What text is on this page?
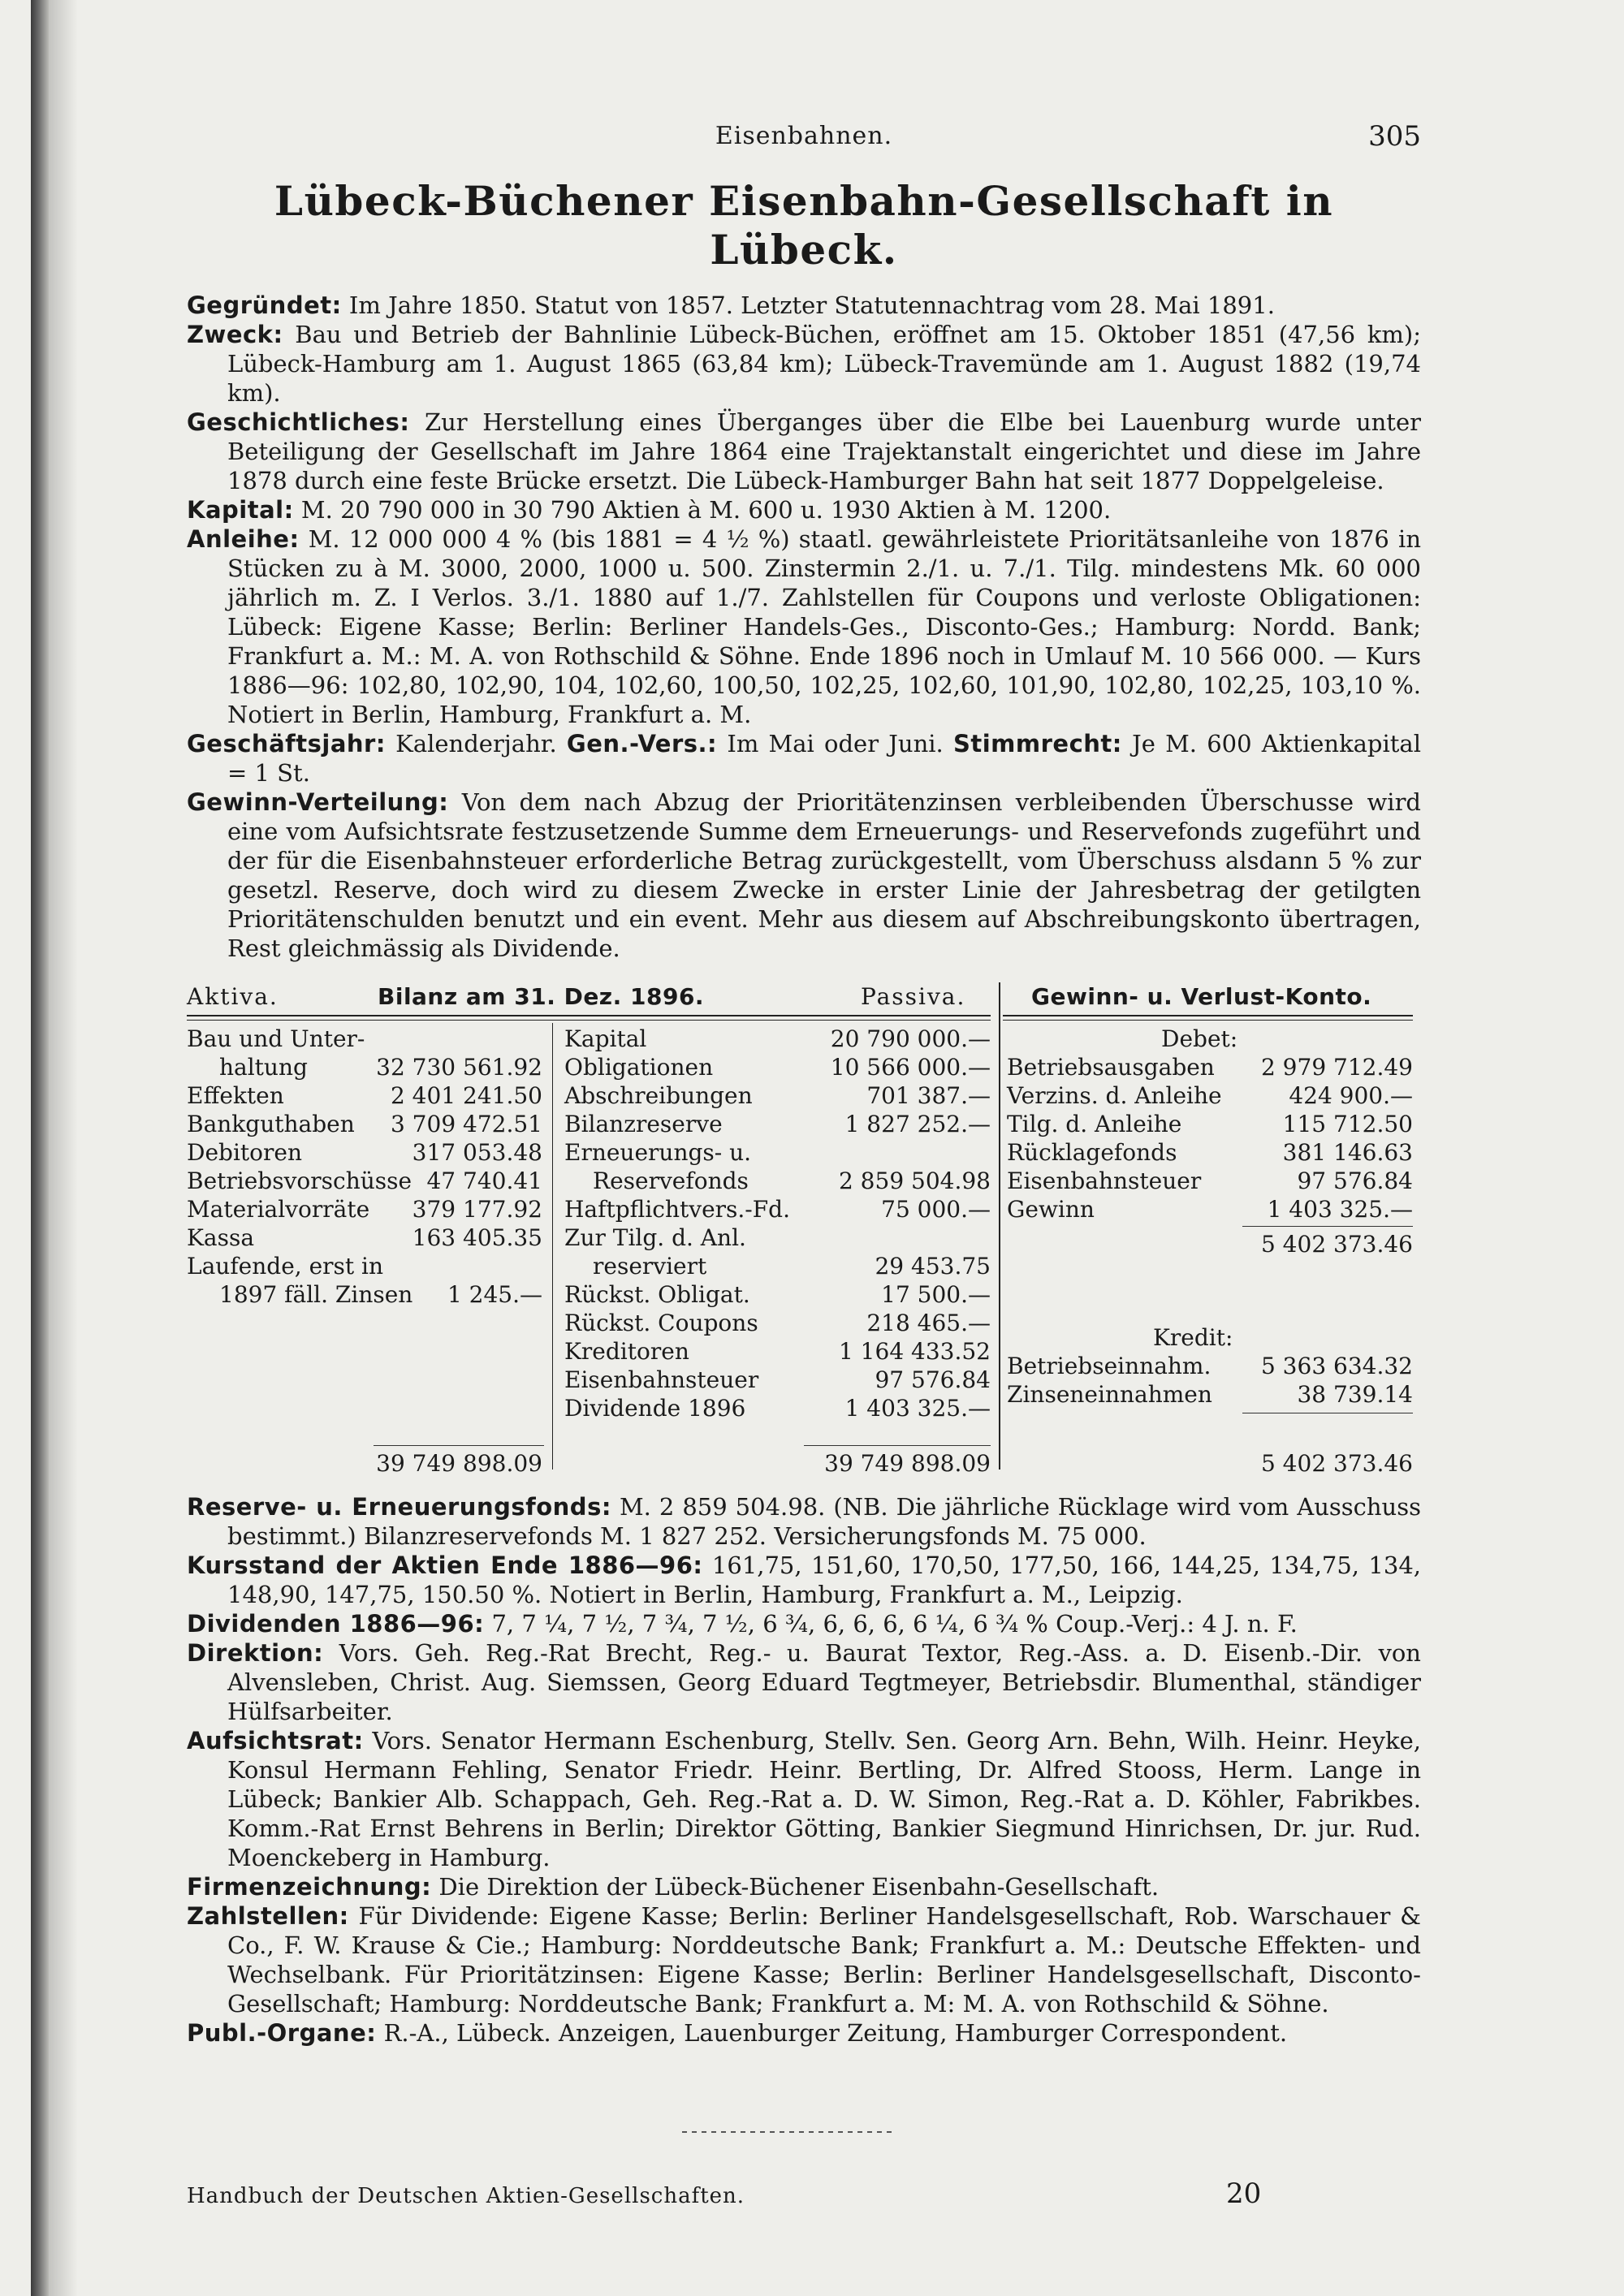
Eisenbahnen.	305
Lübeck-Büchener Eisenbahn-Gesellschaft in Lübeck.

Gegründet: Im Jahre 1850. Statut von 1857. Letzter Statutennachtrag vom 28. Mai 1891.

Zweck: Bau und Betrieb der Bahnlinie Lübeck-Büchen, eröffnet am 15. Oktober 1851 (47,56 km); Lübeck-Hamburg am 1. August 1865 (63,84 km); Lübeck-Travemünde am 1. August 1882 (19,74 km).

Geschichtliches: Zur Herstellung eines Überganges über die Elbe bei Lauenburg wurde unter Beteiligung der Gesellschaft im Jahre 1864 eine Trajektanstalt eingerichtet und diese im Jahre 1878 durch eine feste Brücke ersetzt. Die Lübeck-Hamburger Bahn hat seit 1877 Doppelgeleise.

Kapital: M. 20 790 000 in 30 790 Aktien à M. 600 u. 1930 Aktien à M. 1200.

Anleihe: M. 12 000 000 4 % (bis 1881 = 4 ½ %) staatl. gewährleistete Prioritätsanleihe von 1876 in Stücken zu à M. 3000, 2000, 1000 u. 500. Zinstermin 2./1. u. 7./1. Tilg. mindestens Mk. 60 000 jährlich m. Z. I Verlos. 3./1. 1880 auf 1./7. Zahlstellen für Coupons und verloste Obligationen: Lübeck: Eigene Kasse; Berlin: Berliner Handels-Ges., Disconto-Ges.; Hamburg: Nordd. Bank; Frankfurt a. M.: M. A. von Rothschild & Söhne. Ende 1896 noch in Umlauf M. 10 566 000. — Kurs 1886—96: 102,80, 102,90, 104, 102,60, 100,50, 102,25, 102,60, 101,90, 102,80, 102,25, 103,10 %. Notiert in Berlin, Hamburg, Frankfurt a. M.

Geschäftsjahr: Kalenderjahr. Gen.-Vers.: Im Mai oder Juni. Stimmrecht: Je M. 600 Aktienkapital = 1 St.

Gewinn-Verteilung: Von dem nach Abzug der Prioritätenzinsen verbleibenden Überschusse wird eine vom Aufsichtsrate festzusetzende Summe dem Erneuerungs- und Reservefonds zugeführt und der für die Eisenbahnsteuer erforderliche Betrag zurückgestellt, vom Überschuss alsdann 5 % zur gesetzl. Reserve, doch wird zu diesem Zwecke in erster Linie der Jahresbetrag der getilgten Prioritätenschulden benutzt und ein event. Mehr aus diesem auf Abschreibungskonto übertragen, Rest gleichmässig als Dividende.

Aktiva.	Bilanz am 31. Dez. 1896.	Passiva.	Gewinn- u. Verlust-Konto.
Bau und Unter-
haltung	32 730 561.92
Effekten	2 401 241.50
Bankguthaben	3 709 472.51
Debitoren	317 053.48
Betriebsvorschüsse 47 740.41
Materialvorräte	379 177.92
Kassa	163 405.35
Laufende, erst in
1897 fäll. Zinsen	1 245.—
39 749 898.09
Kapital	20 790 000.—
Obligationen	10 566 000.—
Abschreibungen	701 387.—
Bilanzreserve	1 827 252.—
Erneuerungs- u.
Reservefonds	2 859 504.98
Haftpflichtvers.-Fd.	75 000.—
Zur Tilg. d. Anl.
reserviert	29 453.75
Rückst. Obligat.	17 500.—
Rückst. Coupons	218 465.—
Kreditoren	1 164 433.52
Eisenbahnsteuer	97 576.84
Dividende 1896	1 403 325.—
39 749 898.09
Debet:
Betriebsausgaben	2 979 712.49
Verzins. d. Anleihe	424 900.—
Tilg. d. Anleihe	115 712.50
Rücklagefonds	381 146.63
Eisenbahnsteuer	97 576.84
Gewinn	1 403 325.—
5 402 373.46
Kredit:
Betriebseinnahm.	5 363 634.32
Zinseneinnahmen	38 739.14
5 402 373.46

Reserve- u. Erneuerungsfonds: M. 2 859 504.98. (NB. Die jährliche Rücklage wird vom Ausschuss bestimmt.) Bilanzreservefonds M. 1 827 252. Versicherungsfonds M. 75 000.

Kursstand der Aktien Ende 1886—96: 161,75, 151,60, 170,50, 177,50, 166, 144,25, 134,75, 134, 148,90, 147,75, 150.50 %. Notiert in Berlin, Hamburg, Frankfurt a. M., Leipzig.

Dividenden 1886—96: 7, 7 ¼, 7 ½, 7 ¾, 7 ½, 6 ¾, 6, 6, 6, 6 ¼, 6 ¾ % Coup.-Verj.: 4 J. n. F.

Direktion: Vors. Geh. Reg.-Rat Brecht, Reg.- u. Baurat Textor, Reg.-Ass. a. D. Eisenb.-Dir. von Alvensleben, Christ. Aug. Siemssen, Georg Eduard Tegtmeyer, Betriebsdir. Blumenthal, ständiger Hülfsarbeiter.

Aufsichtsrat: Vors. Senator Hermann Eschenburg, Stellv. Sen. Georg Arn. Behn, Wilh. Heinr. Heyke, Konsul Hermann Fehling, Senator Friedr. Heinr. Bertling, Dr. Alfred Stooss, Herm. Lange in Lübeck; Bankier Alb. Schappach, Geh. Reg.-Rat a. D. W. Simon, Reg.-Rat a. D. Köhler, Fabrikbes. Komm.-Rat Ernst Behrens in Berlin; Direktor Götting, Bankier Siegmund Hinrichsen, Dr. jur. Rud. Moenckeberg in Hamburg.

Firmenzeichnung: Die Direktion der Lübeck-Büchener Eisenbahn-Gesellschaft.

Zahlstellen: Für Dividende: Eigene Kasse; Berlin: Berliner Handelsgesellschaft, Rob. Warschauer & Co., F. W. Krause & Cie.; Hamburg: Norddeutsche Bank; Frankfurt a. M.: Deutsche Effekten- und Wechselbank. Für Prioritätzinsen: Eigene Kasse; Berlin: Berliner Handelsgesellschaft, Disconto-Gesellschaft; Hamburg: Norddeutsche Bank; Frankfurt a. M: M. A. von Rothschild & Söhne.

Publ.-Organe: R.-A., Lübeck. Anzeigen, Lauenburger Zeitung, Hamburger Correspondent.

Handbuch der Deutschen Aktien-Gesellschaften.	20
